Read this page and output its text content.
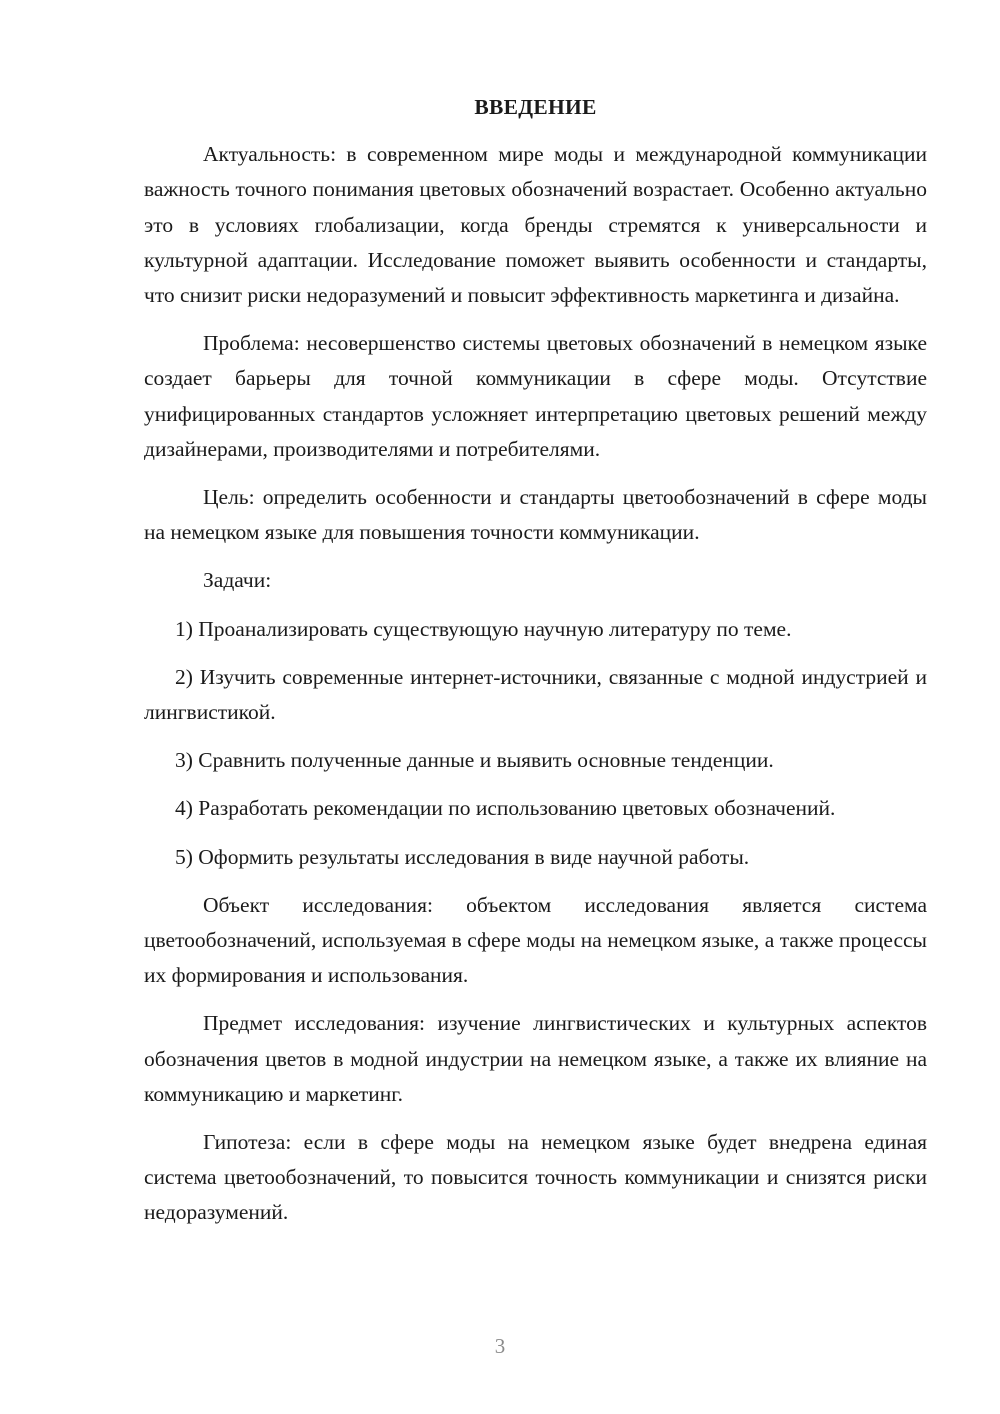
ВВЕДЕНИЕ

Актуальность: в современном мире моды и международной коммуникации важность точного понимания цветовых обозначений возрастает. Особенно актуально это в условиях глобализации, когда бренды стремятся к универсальности и культурной адаптации. Исследование поможет выявить особенности и стандарты, что снизит риски недоразумений и повысит эффективность маркетинга и дизайна.

Проблема: несовершенство системы цветовых обозначений в немецком языке создает барьеры для точной коммуникации в сфере моды. Отсутствие унифицированных стандартов усложняет интерпретацию цветовых решений между дизайнерами, производителями и потребителями.

Цель: определить особенности и стандарты цветообозначений в сфере моды на немецком языке для повышения точности коммуникации.

Задачи:

1) Проанализировать существующую научную литературу по теме.

2) Изучить современные интернет-источники, связанные с модной индустрией и лингвистикой.

3) Сравнить полученные данные и выявить основные тенденции.

4) Разработать рекомендации по использованию цветовых обозначений.

5) Оформить результаты исследования в виде научной работы.

Объект исследования: объектом исследования является система цветообозначений, используемая в сфере моды на немецком языке, а также процессы их формирования и использования.

Предмет исследования: изучение лингвистических и культурных аспектов обозначения цветов в модной индустрии на немецком языке, а также их влияние на коммуникацию и маркетинг.

Гипотеза: если в сфере моды на немецком языке будет внедрена единая система цветообозначений, то повысится точность коммуникации и снизятся риски недоразумений.

3
